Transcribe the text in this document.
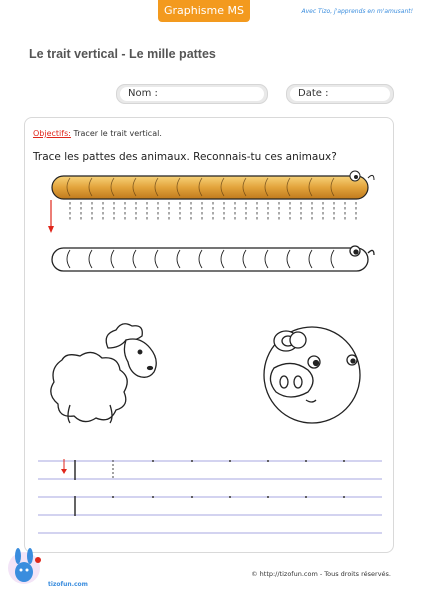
Graphisme MS	Avec Tizo, j'apprends en m'amusant!
Le trait vertical - Le mille pattes
Nom :	Date :
Objectifs: Tracer le trait vertical.
Trace les pattes des animaux. Reconnais-tu ces animaux?
tizofun.com
© http://tizofun.com - Tous droits réservés.
